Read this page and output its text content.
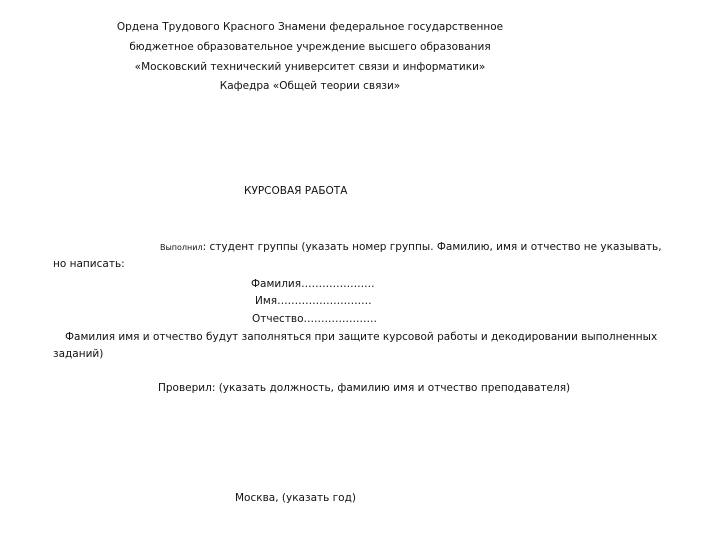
Ордена Трудового Красного Знамени федеральное государственное
бюджетное образовательное учреждение высшего образования
«Московский технический университет связи и информатики»
Кафедра «Общей теории связи»
КУРСОВАЯ РАБОТА
Выполнил: студент группы (указать номер группы. Фамилию, имя и отчество не указывать,
но написать:
Фамилия…………………
Имя………………………
Отчество…………………
Фамилия имя и отчество будут заполняться при защите курсовой работы и декодировании выполненных
заданий)
Проверил: (указать должность, фамилию имя и отчество преподавателя)
Москва, (указать год)
